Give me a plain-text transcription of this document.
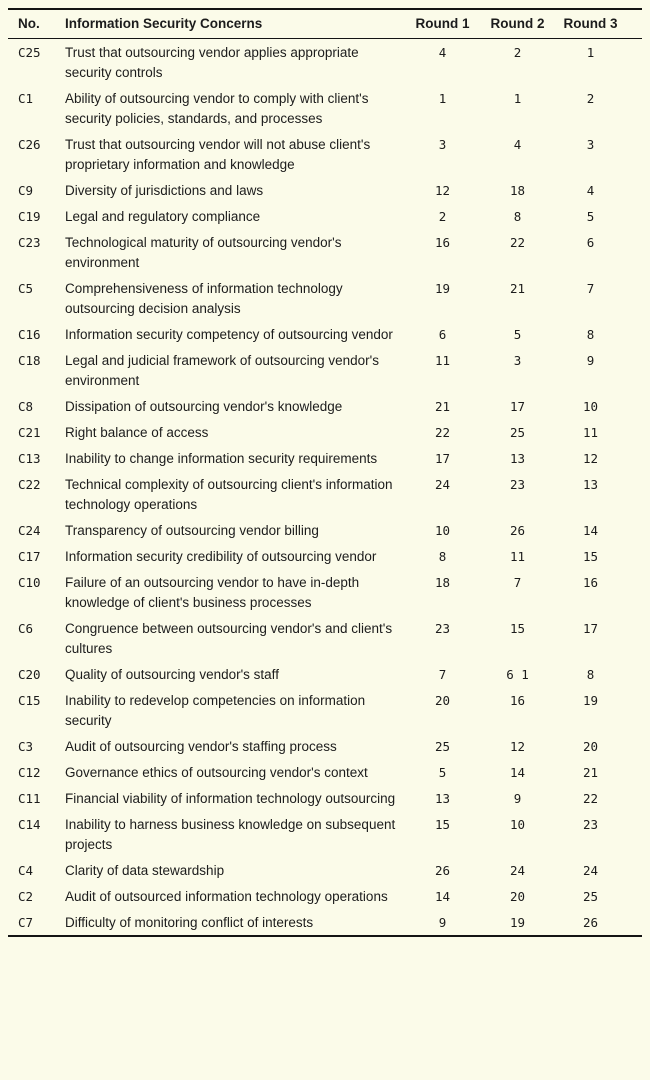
No.	Information Security Concerns	Round 1	Round 2	Round 3
C25	Trust that outsourcing vendor applies appropriate security controls	4	2	1
C1	Ability of outsourcing vendor to comply with client's security policies, standards, and processes	1	1	2
C26	Trust that outsourcing vendor will not abuse client's proprietary information and knowledge	3	4	3
C9	Diversity of jurisdictions and laws	12	18	4
C19	Legal and regulatory compliance	2	8	5
C23	Technological maturity of outsourcing vendor's environment	16	22	6
C5	Comprehensiveness of information technology outsourcing decision analysis	19	21	7
C16	Information security competency of outsourcing vendor	6	5	8
C18	Legal and judicial framework of outsourcing vendor's environment	11	3	9
C8	Dissipation of outsourcing vendor's knowledge	21	17	10
C21	Right balance of access	22	25	11
C13	Inability to change information security requirements	17	13	12
C22	Technical complexity of outsourcing client's information technology operations	24	23	13
C24	Transparency of outsourcing vendor billing	10	26	14
C17	Information security credibility of outsourcing vendor	8	11	15
C10	Failure of an outsourcing vendor to have in-depth knowledge of client's business processes	18	7	16
C6	Congruence between outsourcing vendor's and client's cultures	23	15	17
C20	Quality of outsourcing vendor's staff	7	6 1	8
C15	Inability to redevelop competencies on information security	20	16	19
C3	Audit of outsourcing vendor's staffing process	25	12	20
C12	Governance ethics of outsourcing vendor's context	5	14	21
C11	Financial viability of information technology outsourcing	13	9	22
C14	Inability to harness business knowledge on subsequent projects	15	10	23
C4	Clarity of data stewardship	26	24	24
C2	Audit of outsourced information technology operations	14	20	25
C7	Difficulty of monitoring conflict of interests	9	19	26
